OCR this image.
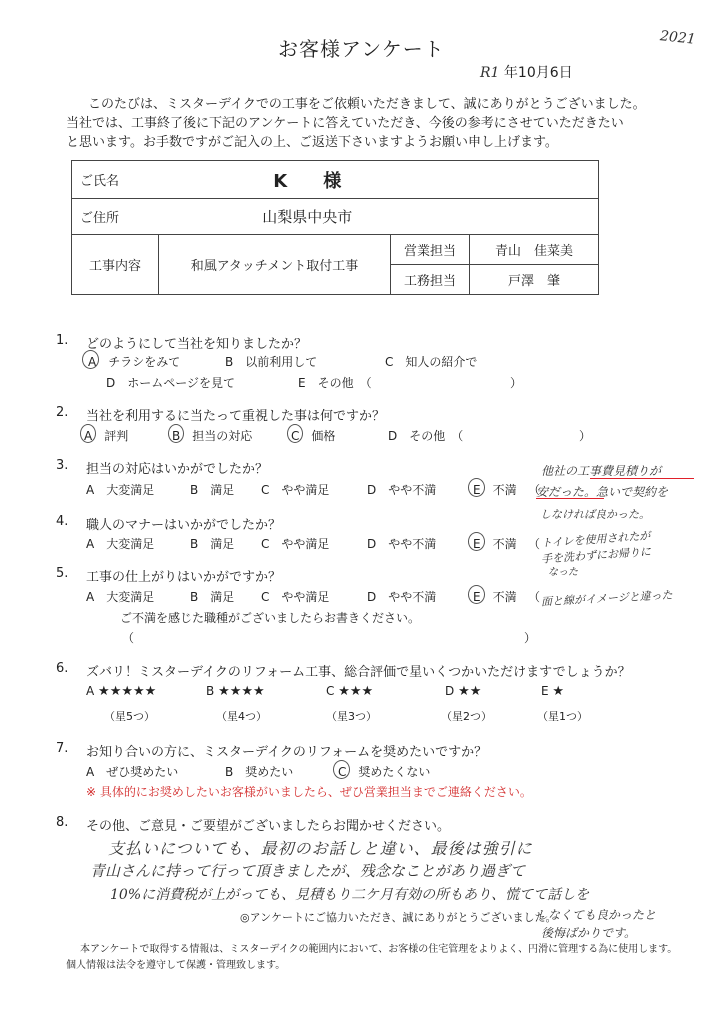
お客様アンケート	2021
R1 年10月6日
このたびは、ミスターデイクでの工事をご依頼いただきまして、誠にありがとうございました。
当社では、工事終了後に下記のアンケートに答えていただき、今後の参考にさせていただきたい
と思います。お手数ですがご記入の上、ご返送下さいますようお願い申し上げます。
ご氏名	K　　様		
ご住所	山梨県中央市		
工事内容	和風アタッチメント取付工事	営業担当	青山　佳菜美
		工務担当	戸澤　肇
1. どのようにして当社を知りましたか？
A　チラシをみて	B　以前利用して	C　知人の紹介で
D　ホームページを見て	E　その他　（	）
2. 当社を利用するに当たって重視した事は何ですか？
A　評判	B　担当の対応	C　価格	D　その他　（	）
3. 担当の対応はいかがでしたか？
A　大変満足	B　満足 C　やや満足	D　やや不満	E　不満 （
他社の工事費見積りが
安だった。急いで契約を
しなければ良かった。
4. 職人のマナーはいかがでしたか？
A　大変満足	B　満足 C　やや満足	D　やや不満	E　不満 （ トイレを使用されたが
手を洗わずにお帰りに
なった
5. 工事の仕上がりはいかがですか？
A　大変満足	B　満足 C　やや満足	D　やや不満	E　不満 （ 面と線がイメージと違った
ご不満を感じた職種がございましたらお書きください。
（	）
6. ズバリ！ミスターデイクのリフォーム工事、総合評価で星いくつかいただけますでしょうか？
A ★★★★★
（星5つ）
B ★★★★
（星4つ）
C ★★★
（星3つ）
D ★★
（星2つ）
E ★
（星1つ）
7. お知り合いの方に、ミスターデイクのリフォームを奨めたいですか？
A　ぜひ奨めたい	B　奨めたい	C　奨めたくない
※ 具体的にお奨めしたいお客様がいましたら、ぜひ営業担当までご連絡ください。
8. その他、ご意見・ご要望がございましたらお聞かせください。
支払いについても、最初のお話しと違い、最後は強引に
青山さんに持って行って頂きましたが、残念なことがあり過ぎて
10%に消費税が上がっても、見積もり二ケ月有効の所もあり、慌てて話しを
◎アンケートにご協力いただき、誠にありがとうございました。
しなくても良かったと
後悔ばかりです。
本アンケートで取得する情報は、ミスターデイクの範囲内において、お客様の住宅管理をよりよく、円滑に管理する為に使用します。
個人情報は法令を遵守して保護・管理致します。
